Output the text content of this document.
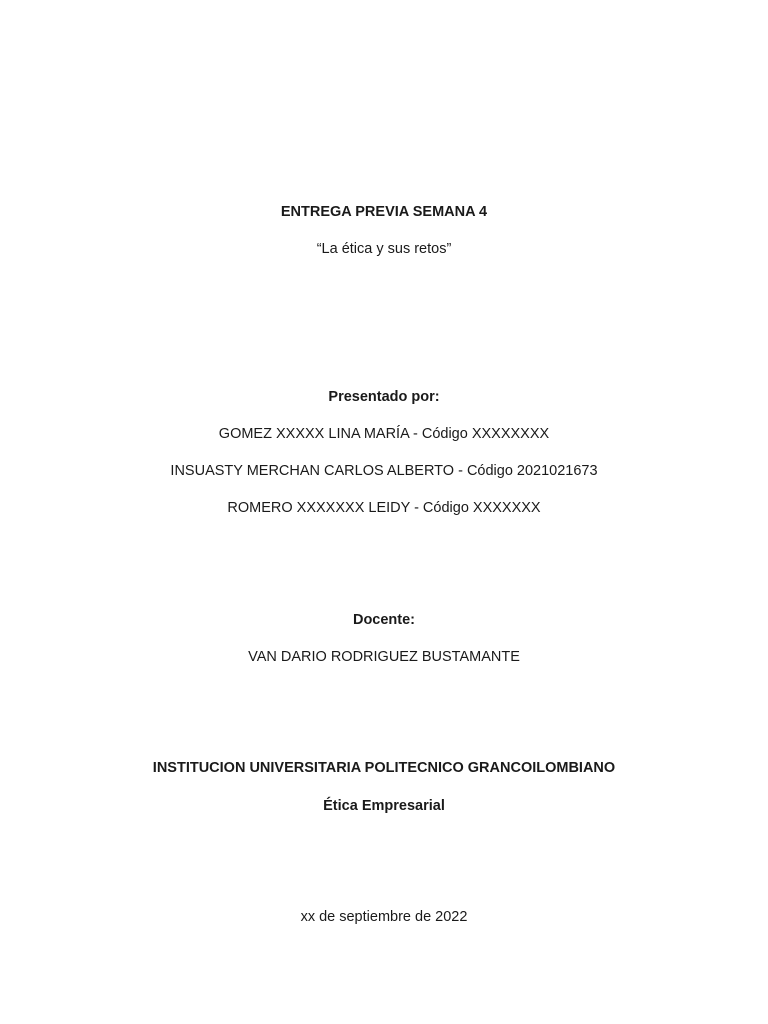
ENTREGA PREVIA SEMANA 4
“La ética y sus retos”
Presentado por:
GOMEZ XXXXX LINA MARÍA - Código XXXXXXXX
INSUASTY MERCHAN CARLOS ALBERTO - Código 2021021673
ROMERO XXXXXXX LEIDY - Código XXXXXXX
Docente:
VAN DARIO RODRIGUEZ BUSTAMANTE
INSTITUCION UNIVERSITARIA POLITECNICO GRANCOILOMBIANO
Ética Empresarial
xx de septiembre de 2022
